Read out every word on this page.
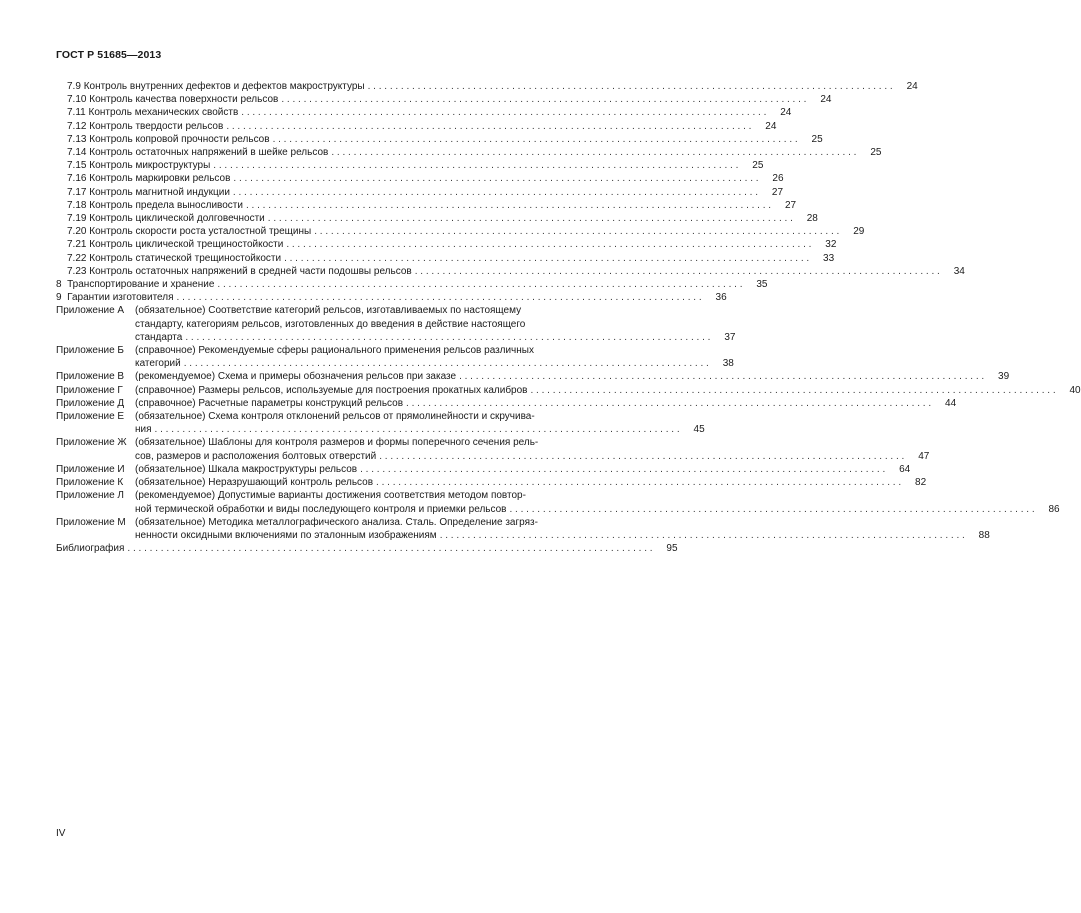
ГОСТ Р 51685—2013
7.9 Контроль внутренних дефектов и дефектов макроструктуры . . .	24
7.10 Контроль качества поверхности рельсов . . .	24
7.11 Контроль механических свойств . . .	24
7.12 Контроль твердости рельсов . . .	24
7.13 Контроль копровой прочности рельсов . . .	25
7.14 Контроль остаточных напряжений в шейке рельсов . . .	25
7.15 Контроль микроструктуры . . .	25
7.16 Контроль маркировки рельсов . . .	26
7.17 Контроль магнитной индукции . . .	27
7.18 Контроль предела выносливости . . .	27
7.19 Контроль циклической долговечности . . .	28
7.20 Контроль скорости роста усталостной трещины . . .	29
7.21 Контроль циклической трещиностойкости . . .	32
7.22 Контроль статической трещиностойкости . . .	33
7.23 Контроль остаточных напряжений в средней части подошвы рельсов . . .	34
8 Транспортирование и хранение . . .	35
9 Гарантии изготовителя . . .	36
Приложение А	(обязательное) Соответствие категорий рельсов, изготавливаемых по настоящему
стандарту, категориям рельсов, изготовленных до введения в действие настоящего
стандарта . . .	37
Приложение Б	(справочное) Рекомендуемые сферы рационального применения рельсов различных
категорий . . .	38
Приложение В	(рекомендуемое) Схема и примеры обозначения рельсов при заказе . . .	39
Приложение Г	(справочное) Размеры рельсов, используемые для построения прокатных калибров . . .	40
Приложение Д	(справочное) Расчетные параметры конструкций рельсов . . .	44
Приложение Е	(обязательное) Схема контроля отклонений рельсов от прямолинейности и скручива-
ния . . .	45
Приложение Ж (обязательное) Шаблоны для контроля размеров и формы поперечного сечения рель-
сов, размеров и расположения болтовых отверстий . . .	47
Приложение И	(обязательное) Шкала макроструктуры рельсов . . .	64
Приложение К	(обязательное) Неразрушающий контроль рельсов . . .	82
Приложение Л	(рекомендуемое) Допустимые варианты достижения соответствия методом повтор-
ной термической обработки и виды последующего контроля и приемки рельсов . . .	86
Приложение М (обязательное) Методика металлографического анализа. Сталь. Определение загряз-
ненности оксидными включениями по эталонным изображениям . . .	88
Библиография . . .	95
IV
